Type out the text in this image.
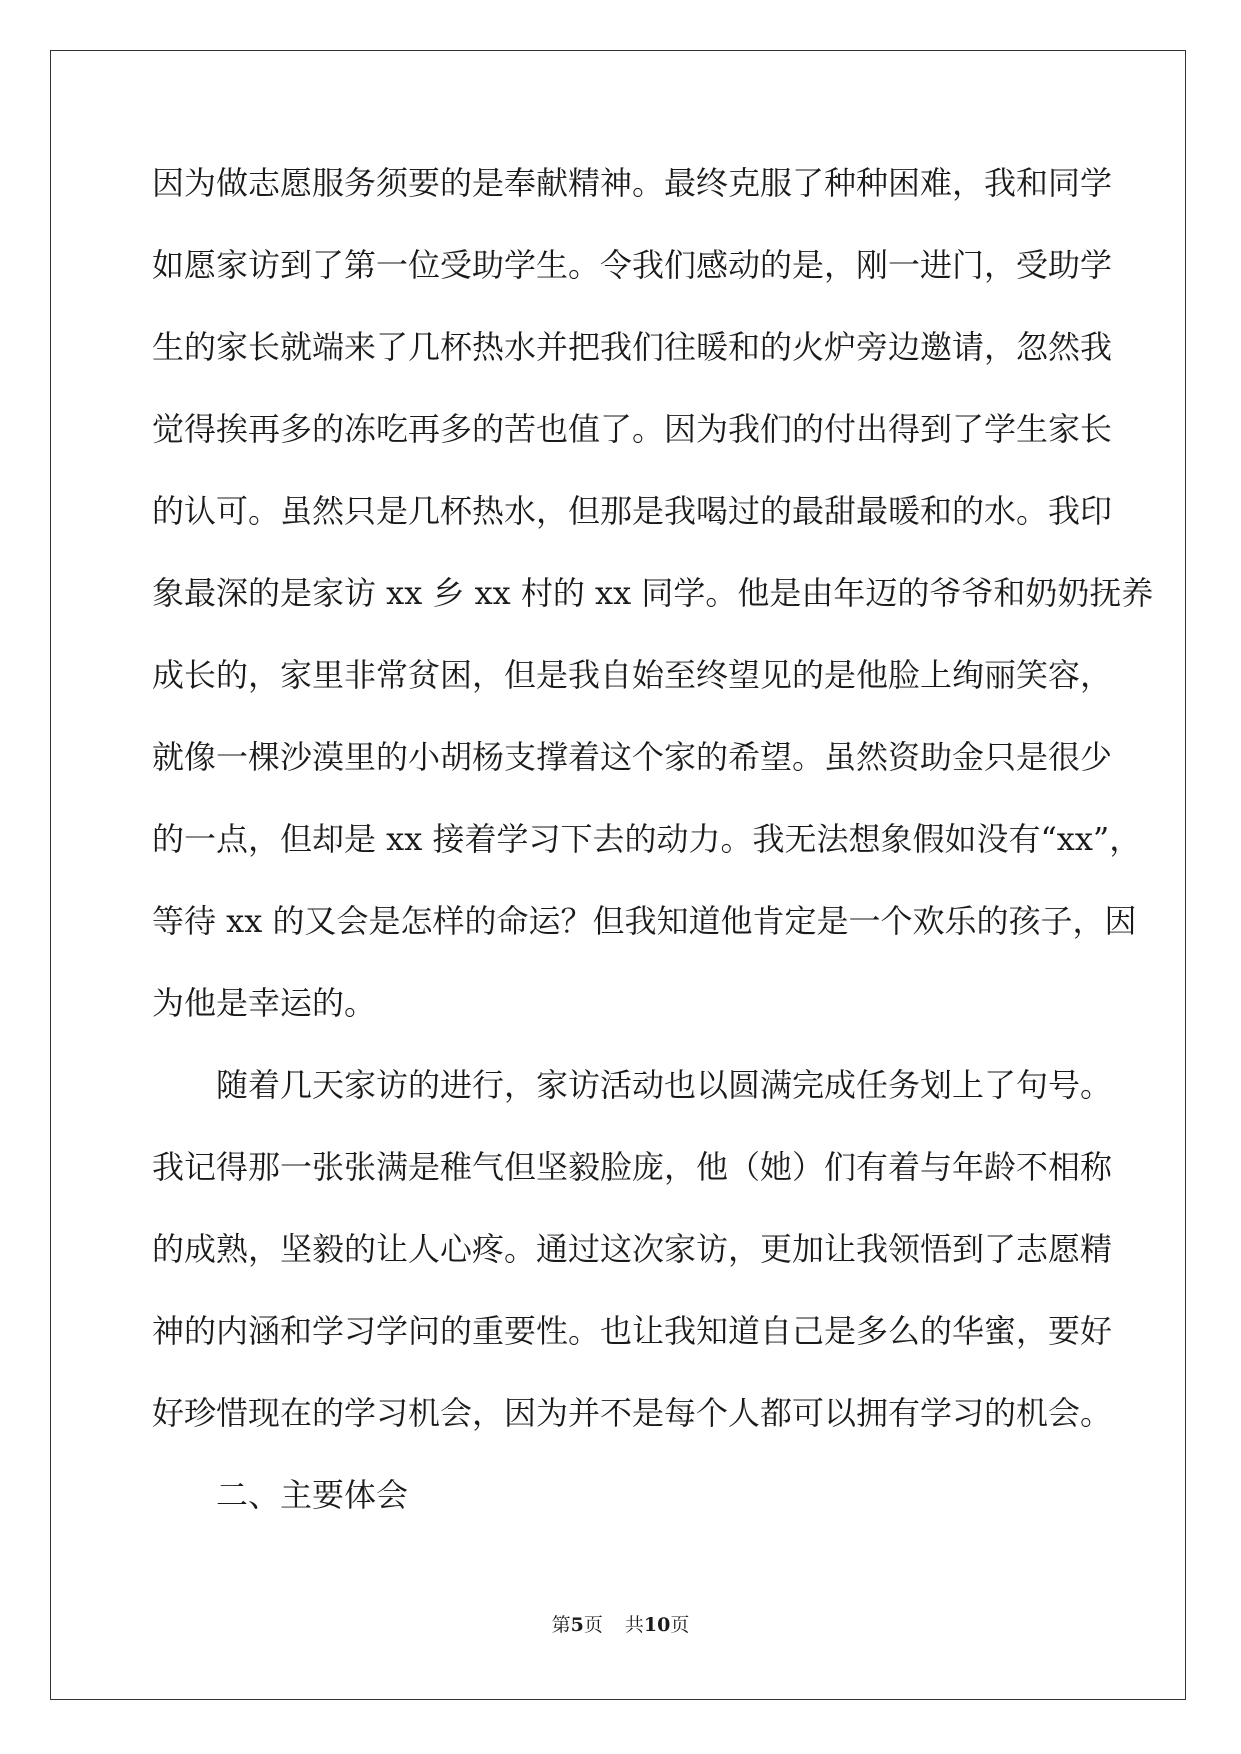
因为做志愿服务须要的是奉献精神。最终克服了种种困难，我和同学
如愿家访到了第一位受助学生。令我们感动的是，刚一进门，受助学
生的家长就端来了几杯热水并把我们往暖和的火炉旁边邀请，忽然我
觉得挨再多的冻吃再多的苦也值了。因为我们的付出得到了学生家长
的认可。虽然只是几杯热水，但那是我喝过的最甜最暖和的水。我印
象最深的是家访 xx 乡 xx 村的 xx 同学。他是由年迈的爷爷和奶奶抚养
成长的，家里非常贫困，但是我自始至终望见的是他脸上绚丽笑容，
就像一棵沙漠里的小胡杨支撑着这个家的希望。虽然资助金只是很少
的一点，但却是 xx 接着学习下去的动力。我无法想象假如没有“xx”，
等待 xx 的又会是怎样的命运？但我知道他肯定是一个欢乐的孩子，因
为他是幸运的。
随着几天家访的进行，家访活动也以圆满完成任务划上了句号。
我记得那一张张满是稚气但坚毅脸庞，他（她）们有着与年龄不相称
的成熟，坚毅的让人心疼。通过这次家访，更加让我领悟到了志愿精
神的内涵和学习学问的重要性。也让我知道自己是多么的华蜜，要好
好珍惜现在的学习机会，因为并不是每个人都可以拥有学习的机会。
二、主要体会
第5页 共10页
